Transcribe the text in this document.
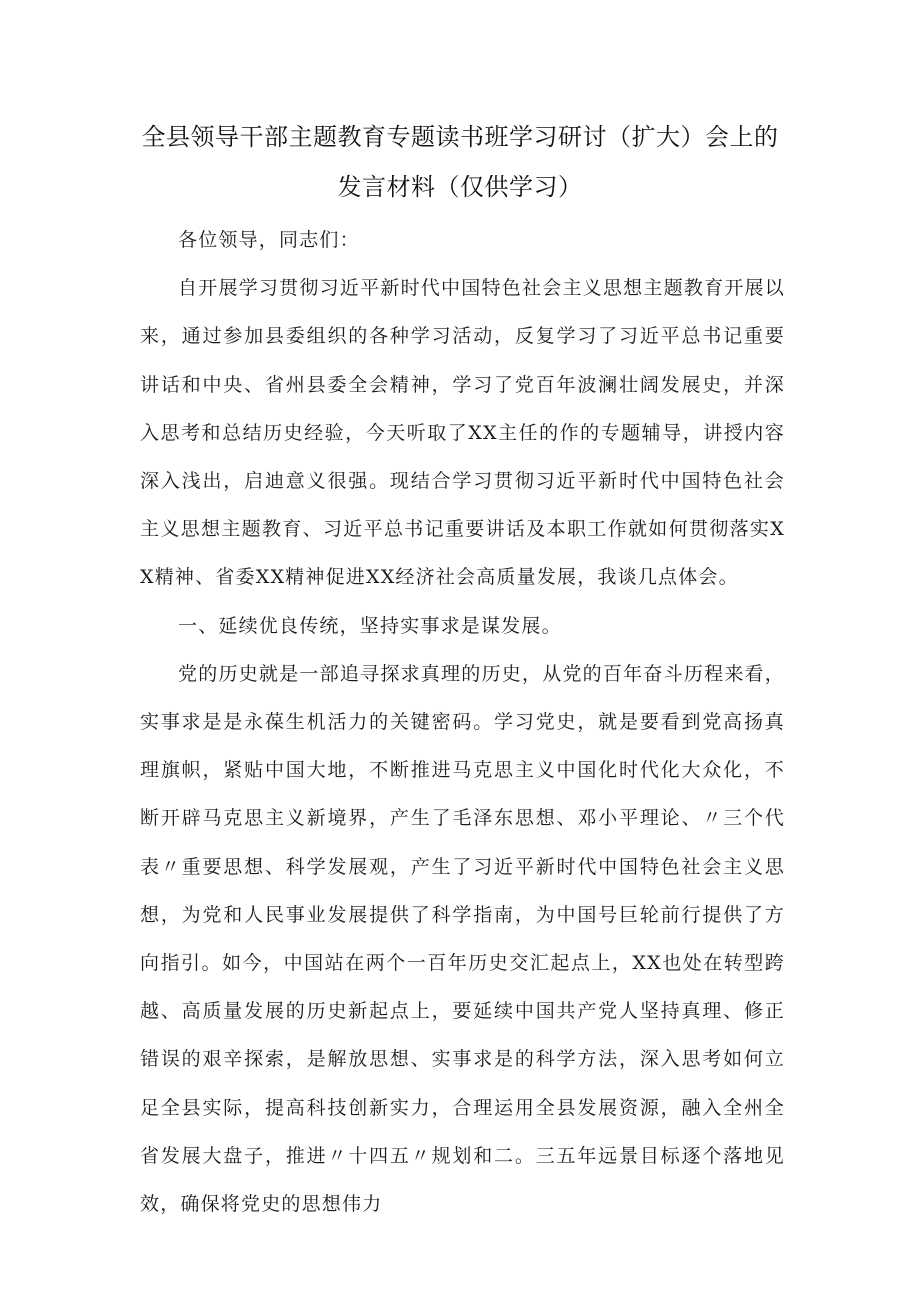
全县领导干部主题教育专题读书班学习研讨（扩大）会上的
发言材料（仅供学习）

各位领导，同志们：

自开展学习贯彻习近平新时代中国特色社会主义思想主题教育开展以来，通过参加县委组织的各种学习活动，反复学习了习近平总书记重要讲话和中央、省州县委全会精神，学习了党百年波澜壮阔发展史，并深入思考和总结历史经验，今天听取了XX主任的作的专题辅导，讲授内容深入浅出，启迪意义很强。现结合学习贯彻习近平新时代中国特色社会主义思想主题教育、习近平总书记重要讲话及本职工作就如何贯彻落实XX精神、省委XX精神促进XX经济社会高质量发展，我谈几点体会。

一、延续优良传统，坚持实事求是谋发展。

党的历史就是一部追寻探求真理的历史，从党的百年奋斗历程来看，实事求是是永葆生机活力的关键密码。学习党史，就是要看到党高扬真理旗帜，紧贴中国大地，不断推进马克思主义中国化时代化大众化，不断开辟马克思主义新境界，产生了毛泽东思想、邓小平理论、〃三个代表〃重要思想、科学发展观，产生了习近平新时代中国特色社会主义思想，为党和人民事业发展提供了科学指南，为中国号巨轮前行提供了方向指引。如今，中国站在两个一百年历史交汇起点上，XX也处在转型跨越、高质量发展的历史新起点上，要延续中国共产党人坚持真理、修正错误的艰辛探索，是解放思想、实事求是的科学方法，深入思考如何立足全县实际，提高科技创新实力，合理运用全县发展资源，融入全州全省发展大盘子，推进〃十四五〃规划和二。三五年远景目标逐个落地见效，确保将党史的思想伟力
